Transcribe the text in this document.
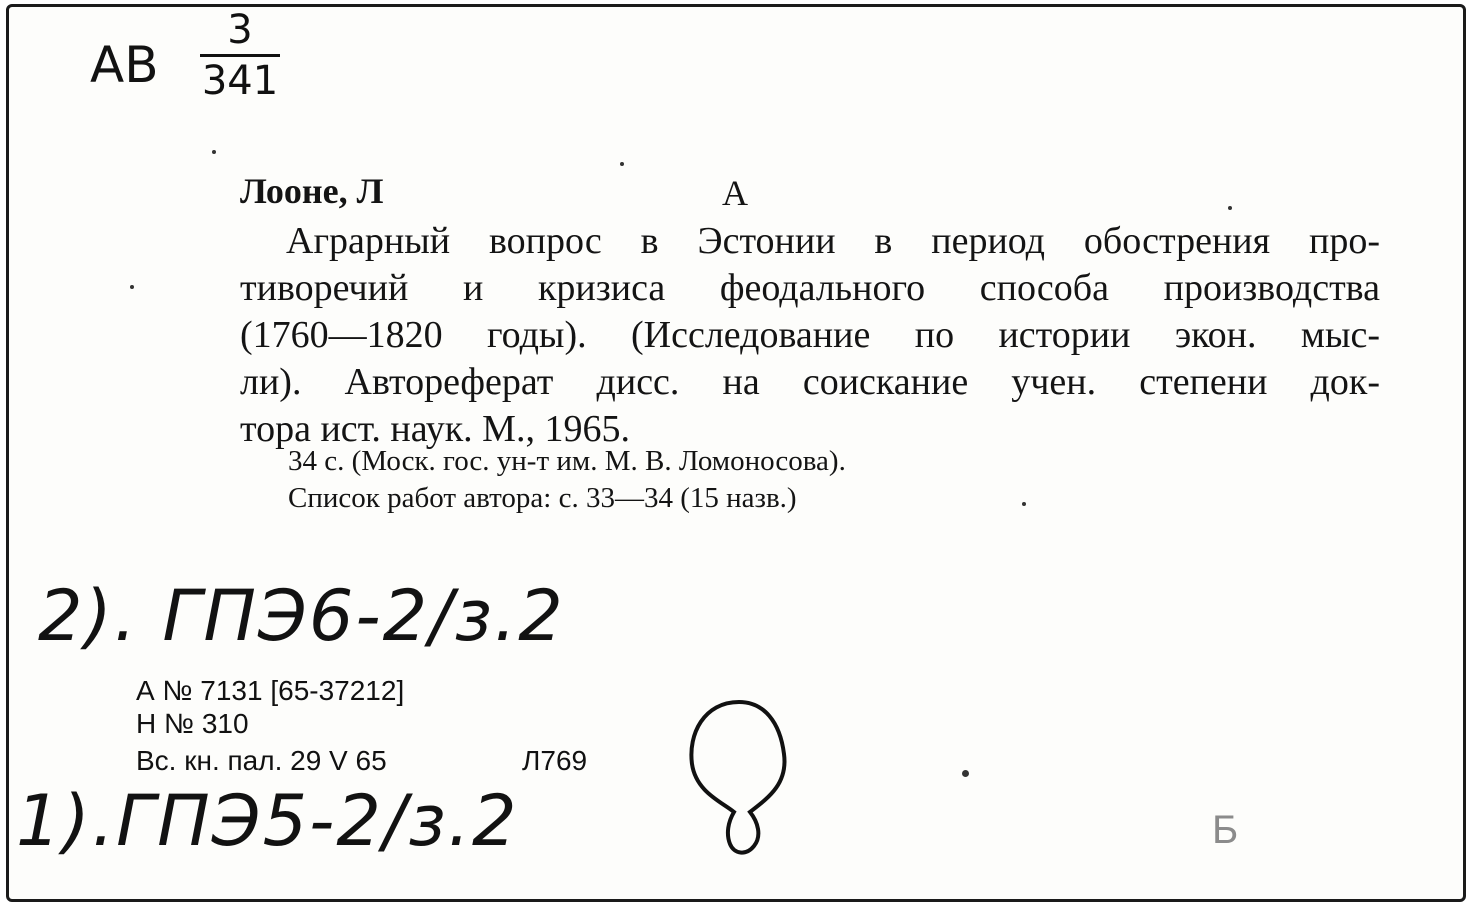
AB
3
341
Лооне, Л	А
Аграрный вопрос в Эстонии в период обострения про-
тиворечий и кризиса феодального способа производства
(1760—1820 годы). (Исследование по истории экон. мыс-
ли). Автореферат дисс. на соискание учен. степени док-
тора ист. наук. М., 1965.
34 с. (Моск. гос. ун-т им. М. В. Ломоносова).
Список работ автора: с. 33—34 (15 назв.)
2). ГПЭ6-2/з.2
1).ГПЭ5-2/з.2
А № 7131 [65-37212]
Н № 310
Вс. кн. пал. 29 V 65	Л769
Б
